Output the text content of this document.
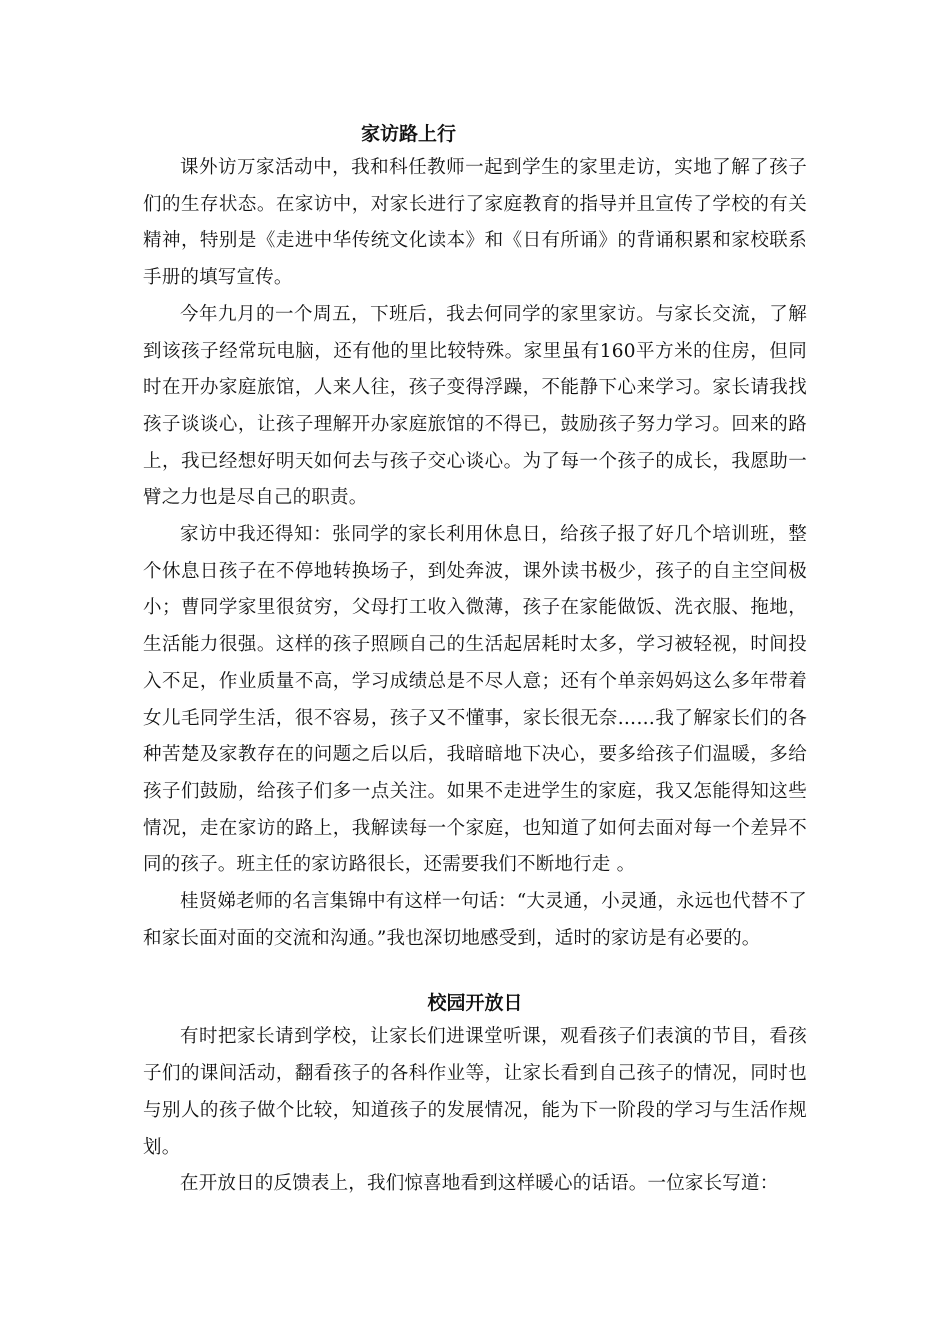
家访路上行

课外访万家活动中，我和科任教师一起到学生的家里走访，实地了解了孩子们的生存状态。在家访中，对家长进行了家庭教育的指导并且宣传了学校的有关精神，特别是《走进中华传统文化读本》和《日有所诵》的背诵积累和家校联系手册的填写宣传。

今年九月的一个周五，下班后，我去何同学的家里家访。与家长交流，了解到该孩子经常玩电脑，还有他的里比较特殊。家里虽有160平方米的住房，但同时在开办家庭旅馆，人来人往，孩子变得浮躁，不能静下心来学习。家长请我找孩子谈谈心，让孩子理解开办家庭旅馆的不得已，鼓励孩子努力学习。回来的路上，我已经想好明天如何去与孩子交心谈心。为了每一个孩子的成长，我愿助一臂之力也是尽自己的职责。

家访中我还得知：张同学的家长利用休息日，给孩子报了好几个培训班，整个休息日孩子在不停地转换场子，到处奔波，课外读书极少，孩子的自主空间极小；曹同学家里很贫穷，父母打工收入微薄，孩子在家能做饭、洗衣服、拖地，生活能力很强。这样的孩子照顾自己的生活起居耗时太多，学习被轻视，时间投入不足，作业质量不高，学习成绩总是不尽人意；还有个单亲妈妈这么多年带着女儿毛同学生活，很不容易，孩子又不懂事，家长很无奈……我了解家长们的各种苦楚及家教存在的问题之后以后，我暗暗地下决心，要多给孩子们温暖，多给孩子们鼓励，给孩子们多一点关注。如果不走进学生的家庭，我又怎能得知这些情况，走在家访的路上，我解读每一个家庭，也知道了如何去面对每一个差异不同的孩子。班主任的家访路很长，还需要我们不断地行走 。

桂贤娣老师的名言集锦中有这样一句话：“大灵通，小灵通，永远也代替不了和家长面对面的交流和沟通。”我也深切地感受到，适时的家访是有必要的。

校园开放日

有时把家长请到学校，让家长们进课堂听课，观看孩子们表演的节目，看孩子们的课间活动，翻看孩子的各科作业等，让家长看到自己孩子的情况，同时也与别人的孩子做个比较，知道孩子的发展情况，能为下一阶段的学习与生活作规划。

在开放日的反馈表上，我们惊喜地看到这样暖心的话语。一位家长写道：
